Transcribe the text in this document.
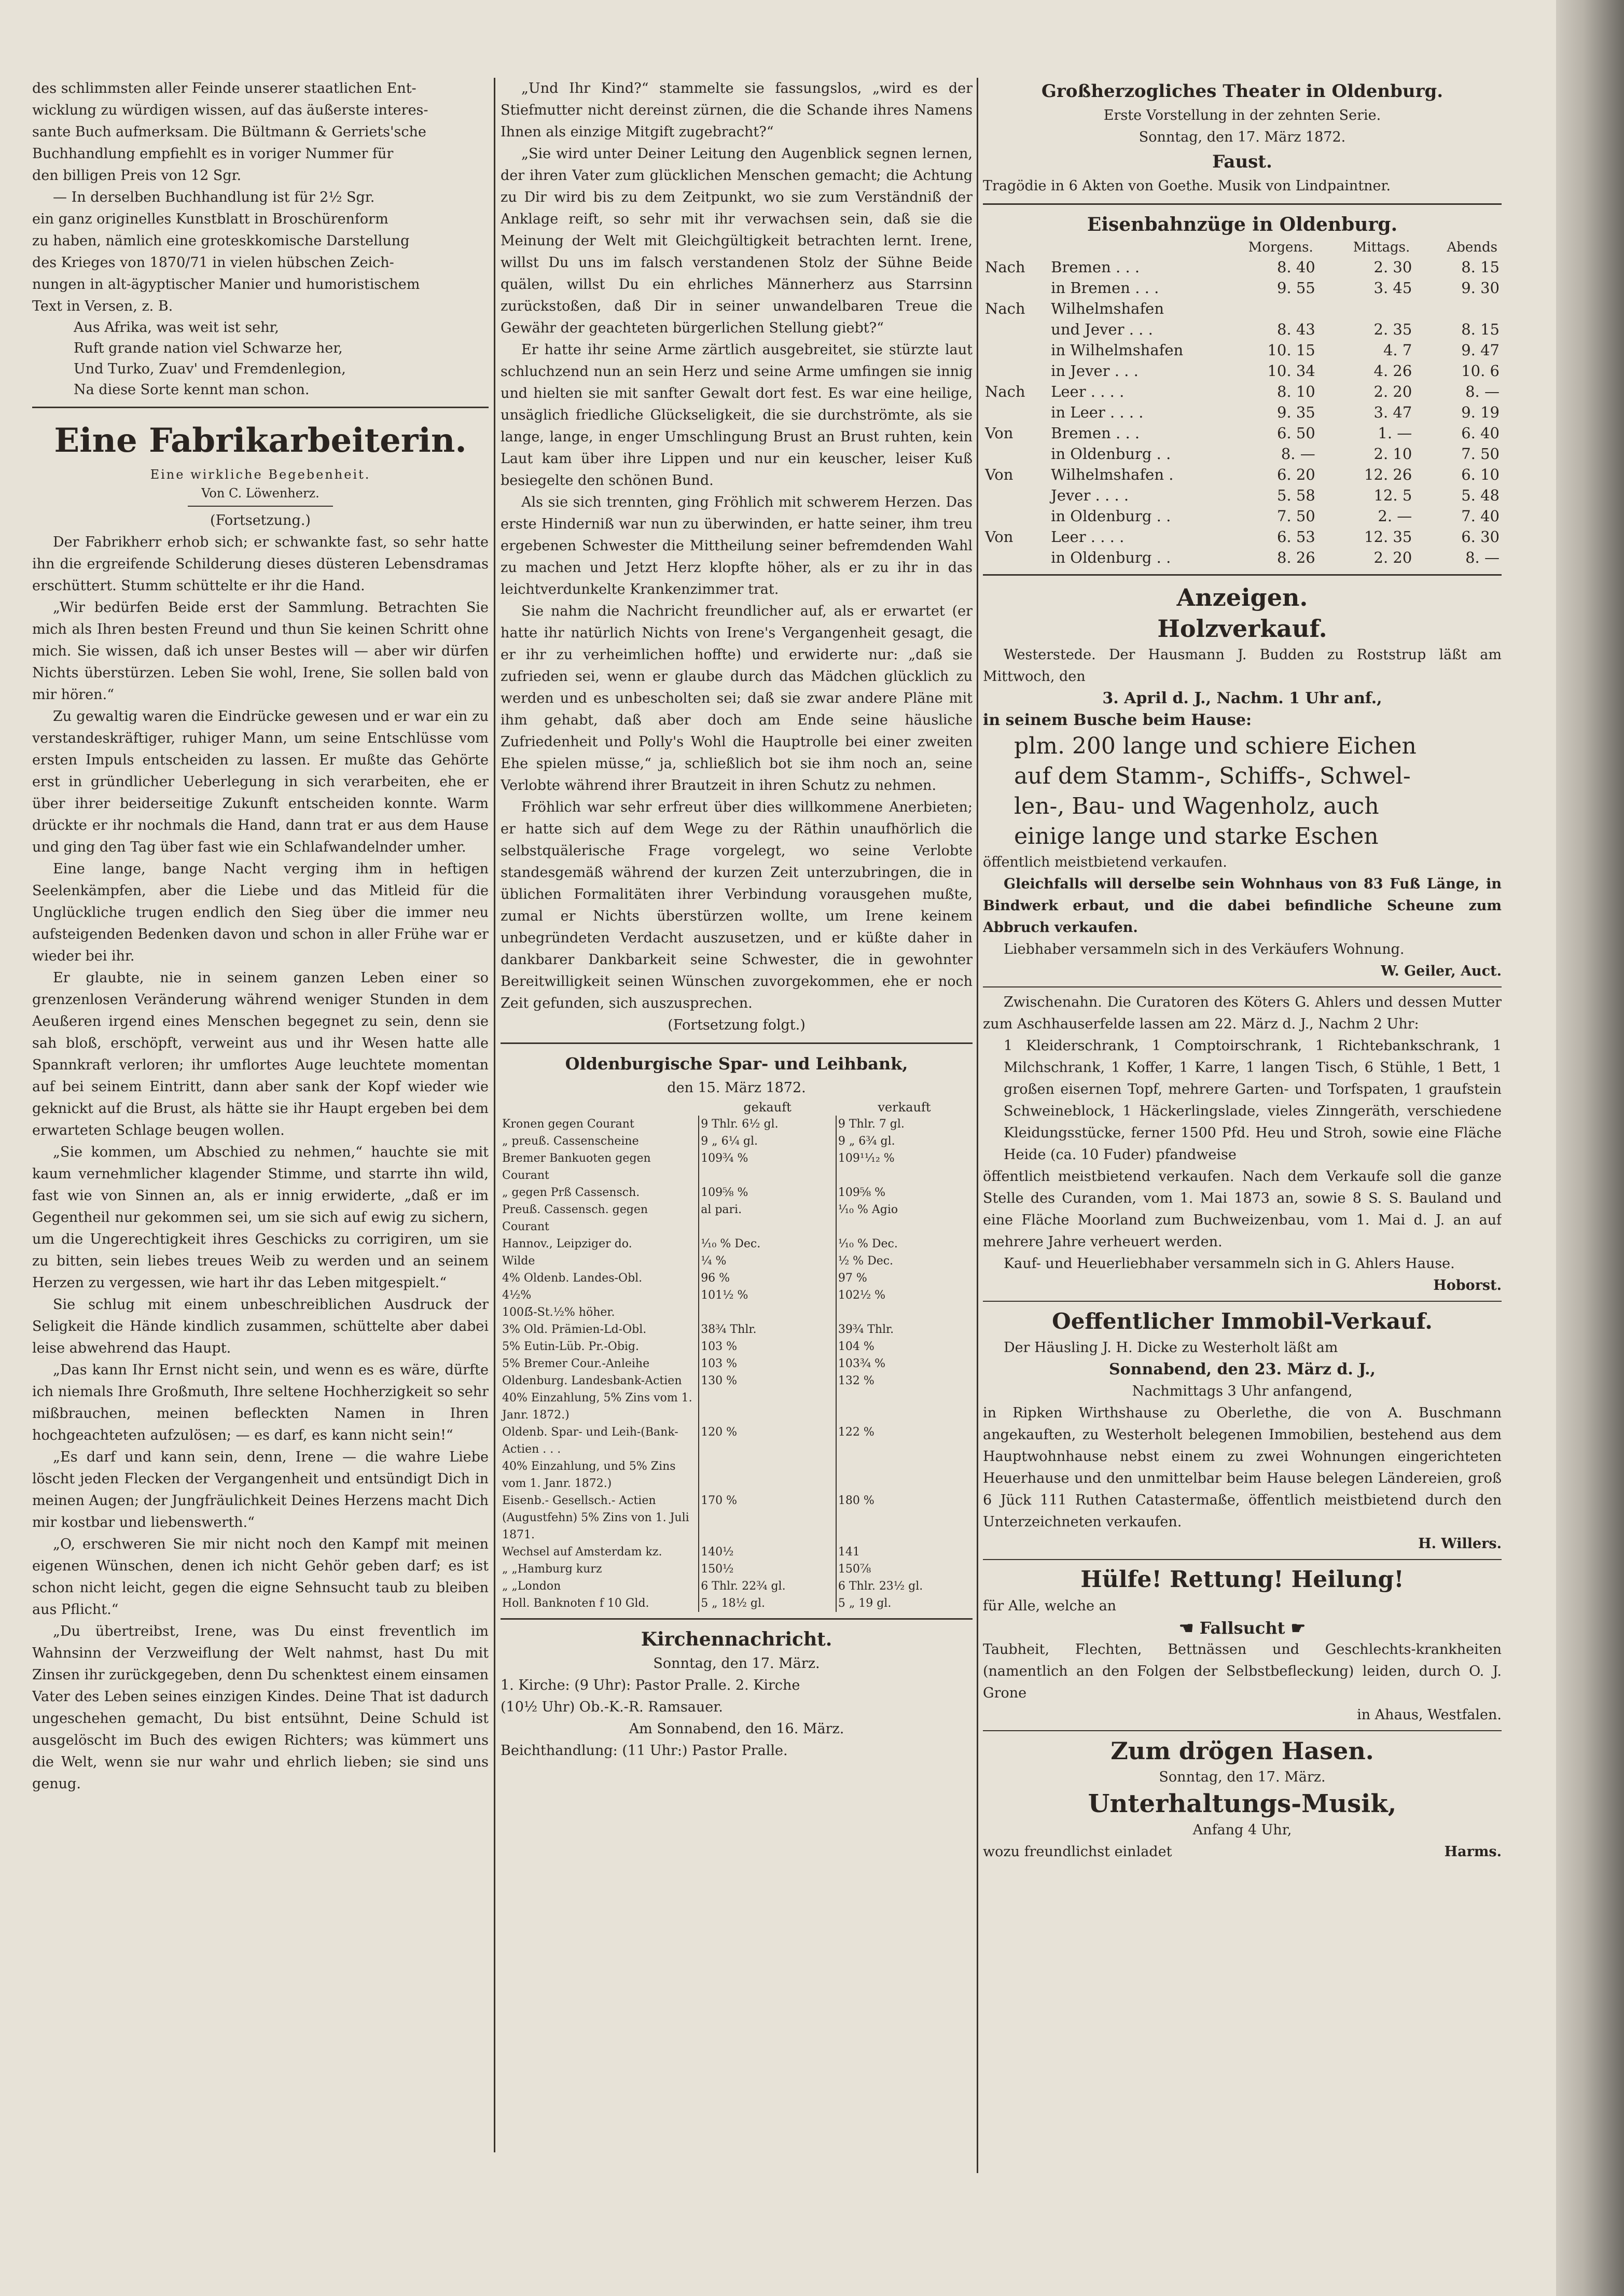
des schlimmsten aller Feinde unserer staatlichen Ent-

wicklung zu würdigen wissen, auf das äußerste interes-

sante Buch aufmerksam. Die Bültmann & Gerriets'sche

Buchhandlung empfiehlt es in voriger Nummer für

den billigen Preis von 12 Sgr.

— In derselben Buchhandlung ist für 2½ Sgr.

ein ganz originelles Kunstblatt in Broschürenform

zu haben, nämlich eine groteskkomische Darstellung

des Krieges von 1870/71 in vielen hübschen Zeich-

nungen in alt-ägyptischer Manier und humoristischem

Text in Versen, z. B.

Aus Afrika, was weit ist sehr,

Ruft grande nation viel Schwarze her,

Und Turko, Zuav' und Fremdenlegion,

Na diese Sorte kennt man schon.

Eine Fabrikarbeiterin.

Eine wirkliche Begebenheit.

Von C. Löwenherz.

(Fortsetzung.)

Der Fabrikherr erhob sich; er schwankte fast, so sehr hatte ihn die ergreifende Schilderung dieses düsteren Lebensdramas erschüttert. Stumm schüttelte er ihr die Hand.

„Wir bedürfen Beide erst der Sammlung. Betrachten Sie mich als Ihren besten Freund und thun Sie keinen Schritt ohne mich. Sie wissen, daß ich unser Bestes will — aber wir dürfen Nichts überstürzen. Leben Sie wohl, Irene, Sie sollen bald von mir hören.“

Zu gewaltig waren die Eindrücke gewesen und er war ein zu verstandeskräftiger, ruhiger Mann, um seine Entschlüsse vom ersten Impuls entscheiden zu lassen. Er mußte das Gehörte erst in gründlicher Ueberlegung in sich verarbeiten, ehe er über ihrer beiderseitige Zukunft entscheiden konnte. Warm drückte er ihr nochmals die Hand, dann trat er aus dem Hause und ging den Tag über fast wie ein Schlafwandelnder umher.

Eine lange, bange Nacht verging ihm in heftigen Seelenkämpfen, aber die Liebe und das Mitleid für die Unglückliche trugen endlich den Sieg über die immer neu aufsteigenden Bedenken davon und schon in aller Frühe war er wieder bei ihr.

Er glaubte, nie in seinem ganzen Leben einer so grenzenlosen Veränderung während weniger Stunden in dem Aeußeren irgend eines Menschen begegnet zu sein, denn sie sah bloß, erschöpft, verweint aus und ihr Wesen hatte alle Spannkraft verloren; ihr umflortes Auge leuchtete momentan auf bei seinem Eintritt, dann aber sank der Kopf wieder wie geknickt auf die Brust, als hätte sie ihr Haupt ergeben bei dem erwarteten Schlage beugen wollen.

„Sie kommen, um Abschied zu nehmen,“ hauchte sie mit kaum vernehmlicher klagender Stimme, und starrte ihn wild, fast wie von Sinnen an, als er innig erwiderte, „daß er im Gegentheil nur gekommen sei, um sie sich auf ewig zu sichern, um die Ungerechtigkeit ihres Geschicks zu corrigiren, um sie zu bitten, sein liebes treues Weib zu werden und an seinem Herzen zu vergessen, wie hart ihr das Leben mitgespielt.“

Sie schlug mit einem unbeschreiblichen Ausdruck der Seligkeit die Hände kindlich zusammen, schüttelte aber dabei leise abwehrend das Haupt.

„Das kann Ihr Ernst nicht sein, und wenn es es wäre, dürfte ich niemals Ihre Großmuth, Ihre seltene Hochherzigkeit so sehr mißbrauchen, meinen befleckten Namen in Ihren hochgeachteten aufzulösen; — es darf, es kann nicht sein!“

„Es darf und kann sein, denn, Irene — die wahre Liebe löscht jeden Flecken der Vergangenheit und entsündigt Dich in meinen Augen; der Jungfräulichkeit Deines Herzens macht Dich mir kostbar und liebenswerth.“

„O, erschweren Sie mir nicht noch den Kampf mit meinen eigenen Wünschen, denen ich nicht Gehör geben darf; es ist schon nicht leicht, gegen die eigne Sehnsucht taub zu bleiben aus Pflicht.“

„Du übertreibst, Irene, was Du einst freventlich im Wahnsinn der Verzweiflung der Welt nahmst, hast Du mit Zinsen ihr zurückgegeben, denn Du schenktest einem einsamen Vater des Leben seines einzigen Kindes. Deine That ist dadurch ungeschehen gemacht, Du bist entsühnt, Deine Schuld ist ausgelöscht im Buch des ewigen Richters; was kümmert uns die Welt, wenn sie nur wahr und ehrlich lieben; sie sind uns genug.

„Und Ihr Kind?“ stammelte sie fassungslos, „wird es der Stiefmutter nicht dereinst zürnen, die die Schande ihres Namens Ihnen als einzige Mitgift zugebracht?“

„Sie wird unter Deiner Leitung den Augenblick segnen lernen, der ihren Vater zum glücklichen Menschen gemacht; die Achtung zu Dir wird bis zu dem Zeitpunkt, wo sie zum Verständniß der Anklage reift, so sehr mit ihr verwachsen sein, daß sie die Meinung der Welt mit Gleichgültigkeit betrachten lernt. Irene, willst Du uns im falsch verstandenen Stolz der Sühne Beide quälen, willst Du ein ehrliches Männerherz aus Starrsinn zurückstoßen, daß Dir in seiner unwandelbaren Treue die Gewähr der geachteten bürgerlichen Stellung giebt?“

Er hatte ihr seine Arme zärtlich ausgebreitet, sie stürzte laut schluchzend nun an sein Herz und seine Arme umfingen sie innig und hielten sie mit sanfter Gewalt dort fest. Es war eine heilige, unsäglich friedliche Glückseligkeit, die sie durchströmte, als sie lange, lange, in enger Umschlingung Brust an Brust ruhten, kein Laut kam über ihre Lippen und nur ein keuscher, leiser Kuß besiegelte den schönen Bund.

Als sie sich trennten, ging Fröhlich mit schwerem Herzen. Das erste Hinderniß war nun zu überwinden, er hatte seiner, ihm treu ergebenen Schwester die Mittheilung seiner befremdenden Wahl zu machen und Jetzt Herz klopfte höher, als er zu ihr in das leichtverdunkelte Krankenzimmer trat.

Sie nahm die Nachricht freundlicher auf, als er erwartet (er hatte ihr natürlich Nichts von Irene's Vergangenheit gesagt, die er ihr zu verheimlichen hoffte) und erwiderte nur: „daß sie zufrieden sei, wenn er glaube durch das Mädchen glücklich zu werden und es unbescholten sei; daß sie zwar andere Pläne mit ihm gehabt, daß aber doch am Ende seine häusliche Zufriedenheit und Polly's Wohl die Hauptrolle bei einer zweiten Ehe spielen müsse,“ ja, schließlich bot sie ihm noch an, seine Verlobte während ihrer Brautzeit in ihren Schutz zu nehmen.

Fröhlich war sehr erfreut über dies willkommene Anerbieten; er hatte sich auf dem Wege zu der Räthin unaufhörlich die selbstquälerische Frage vorgelegt, wo seine Verlobte standesgemäß während der kurzen Zeit unterzubringen, die in üblichen Formalitäten ihrer Verbindung vorausgehen mußte, zumal er Nichts überstürzen wollte, um Irene keinem unbegründeten Verdacht auszusetzen, und er küßte daher in dankbarer Dankbarkeit seine Schwester, die in gewohnter Bereitwilligkeit seinen Wünschen zuvorgekommen, ehe er noch Zeit gefunden, sich auszusprechen.

(Fortsetzung folgt.)

Oldenburgische Spar- und Leihbank,

den 15. März 1872.

	gekauft	verkauft
Kronen gegen Courant	9 Thlr. 6½ gl.	9 Thlr. 7 gl.
„ preuß. Cassenscheine	9 „ 6¼ gl.	9 „ 6¾ gl.
Bremer Bankuoten gegen Courant	109¾ %	109¹¹⁄₁₂ %
„ gegen Prß Cassensch.	109⅝ %	109⅝ %
Preuß. Cassensch. gegen Courant	al pari.	¹⁄₁₀ % Agio
Hannov., Leipziger do.	¹⁄₁₀ % Dec.	¹⁄₁₀ % Dec.
Wilde	¼ %	½ % Dec.
4% Oldenb. Landes-Obl.	96 %	97 %
4½%	101½ %	102½ %
100ẞ-St.½% höher.		
3% Old. Prämien-Ld-Obl.	38¾ Thlr.	39¾ Thlr.
5% Eutin-Lüb. Pr.-Obig.	103 %	104 %
5% Bremer Cour.-Anleihe	103 %	103¾ %
Oldenburg. Landesbank-Actien	130 %	132 %
40% Einzahlung, 5% Zins vom 1. Janr. 1872.)		
Oldenb. Spar- und Leih-(Bank-Actien . . .	120 %	122 %
40% Einzahlung, und 5% Zins vom 1. Janr. 1872.)		
Eisenb.- Gesellsch.- Actien (Augustfehn) 5% Zins von 1. Juli 1871.	170 %	180 %
Wechsel auf Amsterdam kz.	140½	141
„ „Hamburg kurz	150½	150⅞
„ „London	6 Thlr. 22¾ gl.	6 Thlr. 23½ gl.
Holl. Banknoten f 10 Gld.	5 „ 18½ gl.	5 „ 19 gl.

Kirchennachricht.

Sonntag, den 17. März.

1. Kirche: (9 Uhr): Pastor Pralle. 2. Kirche

(10½ Uhr) Ob.-K.-R. Ramsauer.

Am Sonnabend, den 16. März.

Beichthandlung: (11 Uhr:) Pastor Pralle.

Großherzogliches Theater in Oldenburg.

Erste Vorstellung in der zehnten Serie.

Sonntag, den 17. März 1872.

Faust.

Tragödie in 6 Akten von Goethe. Musik von Lindpaintner.

Eisenbahnzüge in Oldenburg.

		Morgens.	Mittags.	Abends
Nach	Bremen . . .	8. 40	2. 30	8. 15
	in Bremen . . .	9. 55	3. 45	9. 30
Nach	Wilhelmshafen			
	und Jever . . .	8. 43	2. 35	8. 15
	in Wilhelmshafen	10. 15	4. 7	9. 47
	in Jever . . .	10. 34	4. 26	10. 6
Nach	Leer . . . .	8. 10	2. 20	8. —
	in Leer . . . .	9. 35	3. 47	9. 19
Von	Bremen . . .	6. 50	1. —	6. 40
	in Oldenburg . .	8. —	2. 10	7. 50
Von	Wilhelmshafen .	6. 20	12. 26	6. 10
	Jever . . . .	5. 58	12. 5	5. 48
	in Oldenburg . .	7. 50	2. —	7. 40
Von	Leer . . . .	6. 53	12. 35	6. 30
	in Oldenburg . .	8. 26	2. 20	8. —

Anzeigen.

Holzverkauf.

Westerstede. Der Hausmann J. Budden zu Roststrup läßt am Mittwoch, den

3. April d. J., Nachm. 1 Uhr anf.,

in seinem Busche beim Hause:

plm. 200 lange und schiere Eichen

auf dem Stamm-, Schiffs-, Schwel-

len-, Bau- und Wagenholz, auch

einige lange und starke Eschen

öffentlich meistbietend verkaufen.

Gleichfalls will derselbe sein Wohnhaus von 83 Fuß Länge, in Bindwerk erbaut, und die dabei befindliche Scheune zum Abbruch verkaufen.

Liebhaber versammeln sich in des Verkäufers Wohnung.

W. Geiler, Auct.

Zwischenahn. Die Curatoren des Köters G. Ahlers und dessen Mutter zum Aschhauserfelde lassen am 22. März d. J., Nachm 2 Uhr:

1 Kleiderschrank, 1 Comptoirschrank, 1 Richtebankschrank, 1 Milchschrank, 1 Koffer, 1 Karre, 1 langen Tisch, 6 Stühle, 1 Bett, 1 großen eisernen Topf, mehrere Garten- und Torfspaten, 1 graufstein Schweineblock, 1 Häckerlingslade, vieles Zinngeräth, verschiedene Kleidungsstücke, ferner 1500 Pfd. Heu und Stroh, sowie eine Fläche Heide (ca. 10 Fuder) pfandweise

öffentlich meistbietend verkaufen. Nach dem Verkaufe soll die ganze Stelle des Curanden, vom 1. Mai 1873 an, sowie 8 S. S. Bauland und eine Fläche Moorland zum Buchweizenbau, vom 1. Mai d. J. an auf mehrere Jahre verheuert werden.

Kauf- und Heuerliebhaber versammeln sich in G. Ahlers Hause.

Hoborst.

Oeffentlicher Immobil-Verkauf.

Der Häusling J. H. Dicke zu Westerholt läßt am

Sonnabend, den 23. März d. J.,

Nachmittags 3 Uhr anfangend,

in Ripken Wirthshause zu Oberlethe, die von A. Buschmann angekauften, zu Westerholt belegenen Immobilien, bestehend aus dem Hauptwohnhause nebst einem zu zwei Wohnungen eingerichteten Heuerhause und den unmittelbar beim Hause belegen Ländereien, groß 6 Jück 111 Ruthen Catastermaße, öffentlich meistbietend durch den Unterzeichneten verkaufen.

H. Willers.

Hülfe! Rettung! Heilung!

für Alle, welche an

☚ Fallsucht ☛

Taubheit, Flechten, Bettnässen und Geschlechts-krankheiten (namentlich an den Folgen der Selbstbefleckung) leiden, durch O. J. Grone

in Ahaus, Westfalen.

Zum drögen Hasen.

Sonntag, den 17. März.

Unterhaltungs-Musik,

Anfang 4 Uhr,

wozu freundlichst einladet	Harms.
